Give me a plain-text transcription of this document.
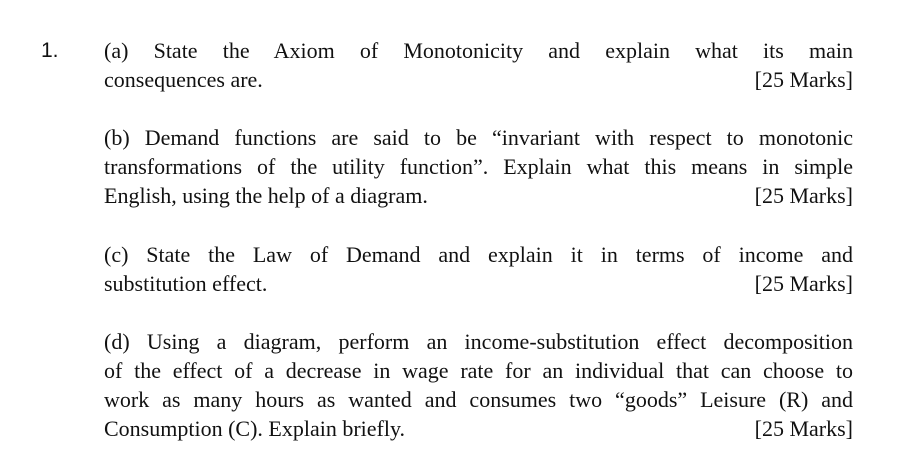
1. (a) State the Axiom of Monotonicity and explain what its main
consequences are.	[25 Marks]
(b) Demand functions are said to be “invariant with respect to monotonic
transformations of the utility function”. Explain what this means in simple
English, using the help of a diagram.	[25 Marks]
(c) State the Law of Demand and explain it in terms of income and
substitution effect.	[25 Marks]
(d) Using a diagram, perform an income-substitution effect decomposition
of the effect of a decrease in wage rate for an individual that can choose to
work as many hours as wanted and consumes two “goods” Leisure (R) and
Consumption (C). Explain briefly.	[25 Marks]
